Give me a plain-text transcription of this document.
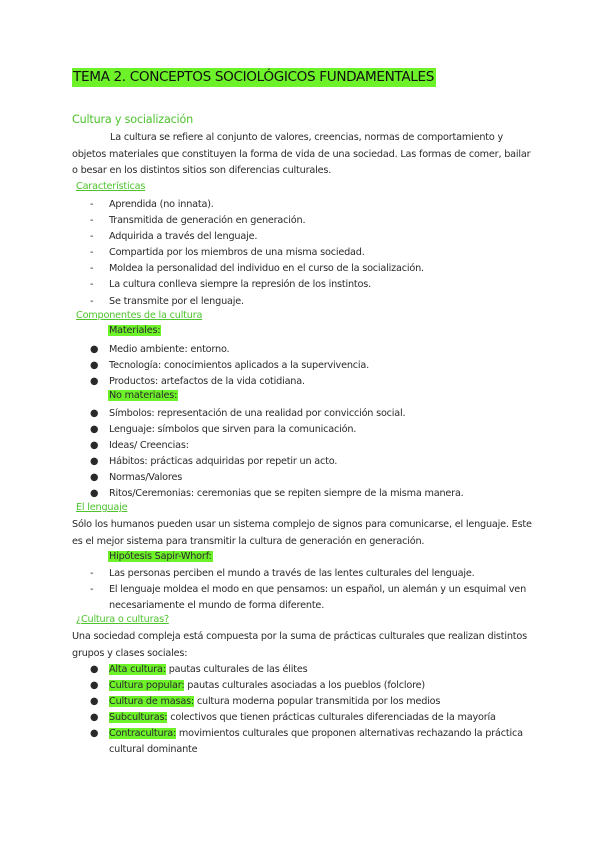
TEMA 2. CONCEPTOS SOCIOLÓGICOS FUNDAMENTALES
Cultura y socialización
La cultura se refiere al conjunto de valores, creencias, normas de comportamiento y objetos materiales que constituyen la forma de vida de una sociedad. Las formas de comer, bailar o besar en los distintos sitios son diferencias culturales.
Características
-	Aprendida (no innata).
-	Transmitida de generación en generación.
-	Adquirida a través del lenguaje.
-	Compartida por los miembros de una misma sociedad.
-	Moldea la personalidad del individuo en el curso de la socialización.
-	La cultura conlleva siempre la represión de los instintos.
-	Se transmite por el lenguaje.
Componentes de la cultura
Materiales:
●	Medio ambiente: entorno.
●	Tecnología: conocimientos aplicados a la supervivencia.
●	Productos: artefactos de la vida cotidiana.
No materiales:
●	Símbolos: representación de una realidad por convicción social.
●	Lenguaje: símbolos que sirven para la comunicación.
●	Ideas/ Creencias:
●	Hábitos: prácticas adquiridas por repetir un acto.
●	Normas/Valores
●	Ritos/Ceremonias: ceremonias que se repiten siempre de la misma manera.
El lenguaje
Sólo los humanos pueden usar un sistema complejo de signos para comunicarse, el lenguaje. Este es el mejor sistema para transmitir la cultura de generación en generación.
Hipótesis Sapir-Whorf:
-	Las personas perciben el mundo a través de las lentes culturales del lenguaje.
-	El lenguaje moldea el modo en que pensamos: un español, un alemán y un esquimal ven necesariamente el mundo de forma diferente.
¿Cultura o culturas?
Una sociedad compleja está compuesta por la suma de prácticas culturales que realizan distintos grupos y clases sociales:
●	Alta cultura: pautas culturales de las élites
●	Cultura popular: pautas culturales asociadas a los pueblos (folclore)
●	Cultura de masas: cultura moderna popular transmitida por los medios
●	Subculturas: colectivos que tienen prácticas culturales diferenciadas de la mayoría
●	Contracultura: movimientos culturales que proponen alternativas rechazando la práctica cultural dominante
